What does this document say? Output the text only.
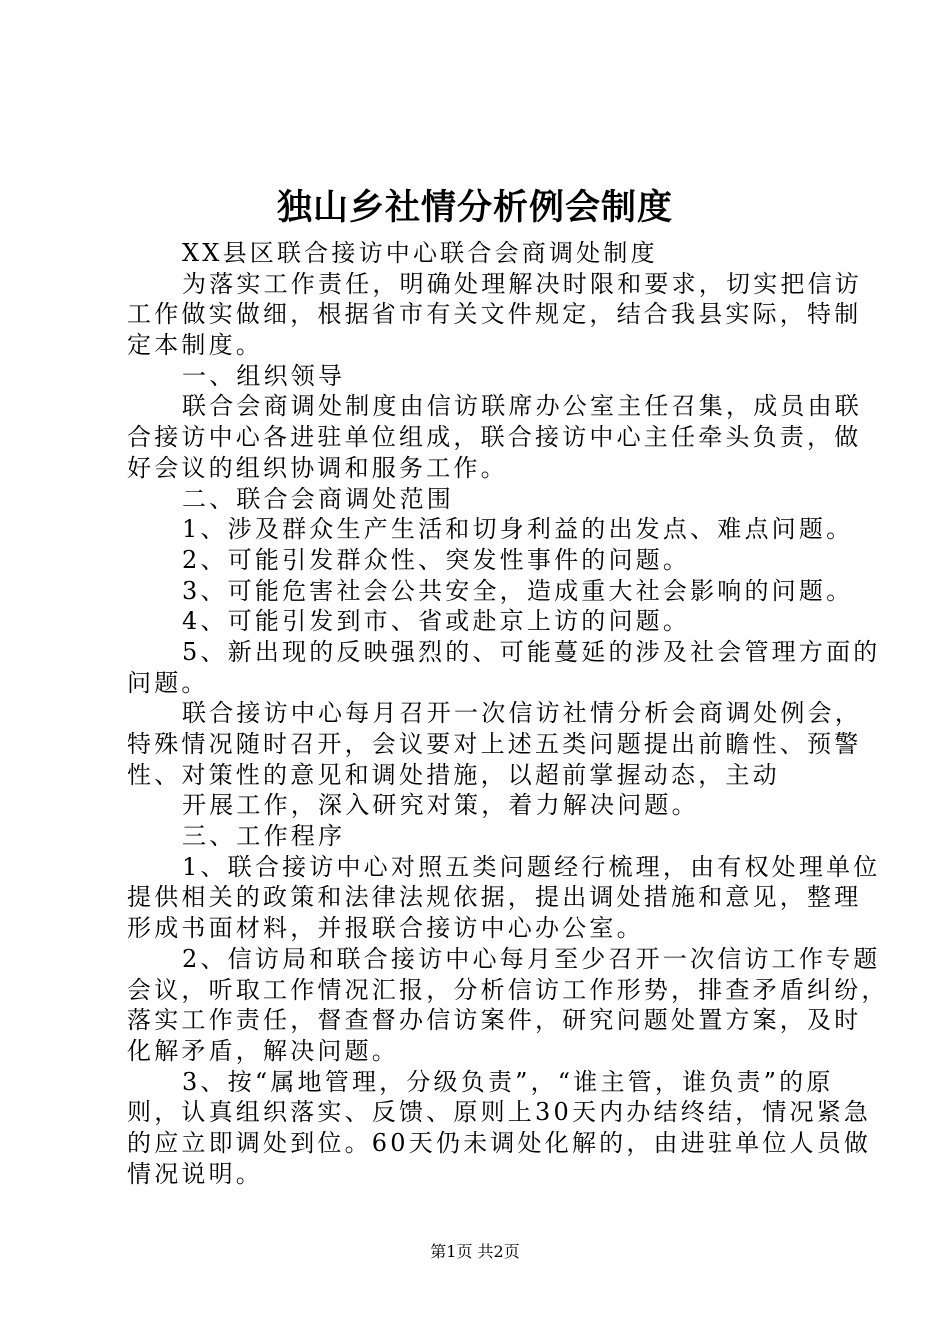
独山乡社情分析例会制度
XX县区联合接访中心联合会商调处制度
为落实工作责任，明确处理解决时限和要求，切实把信访
工作做实做细，根据省市有关文件规定，结合我县实际，特制
定本制度。
一、组织领导
联合会商调处制度由信访联席办公室主任召集，成员由联
合接访中心各进驻单位组成，联合接访中心主任牵头负责，做
好会议的组织协调和服务工作。
二、联合会商调处范围
1、涉及群众生产生活和切身利益的出发点、难点问题。
2、可能引发群众性、突发性事件的问题。
3、可能危害社会公共安全，造成重大社会影响的问题。
4、可能引发到市、省或赴京上访的问题。
5、新出现的反映强烈的、可能蔓延的涉及社会管理方面的
问题。
联合接访中心每月召开一次信访社情分析会商调处例会，
特殊情况随时召开，会议要对上述五类问题提出前瞻性、预警
性、对策性的意见和调处措施，以超前掌握动态，主动
开展工作，深入研究对策，着力解决问题。
三、工作程序
1、联合接访中心对照五类问题经行梳理，由有权处理单位
提供相关的政策和法律法规依据，提出调处措施和意见，整理
形成书面材料，并报联合接访中心办公室。
2、信访局和联合接访中心每月至少召开一次信访工作专题
会议，听取工作情况汇报，分析信访工作形势，排查矛盾纠纷，
落实工作责任，督查督办信访案件，研究问题处置方案，及时
化解矛盾，解决问题。
3、按“属地管理，分级负责”，“谁主管，谁负责”的原
则，认真组织落实、反馈、原则上30天内办结终结，情况紧急
的应立即调处到位。60天仍未调处化解的，由进驻单位人员做
情况说明。
第1页 共2页
